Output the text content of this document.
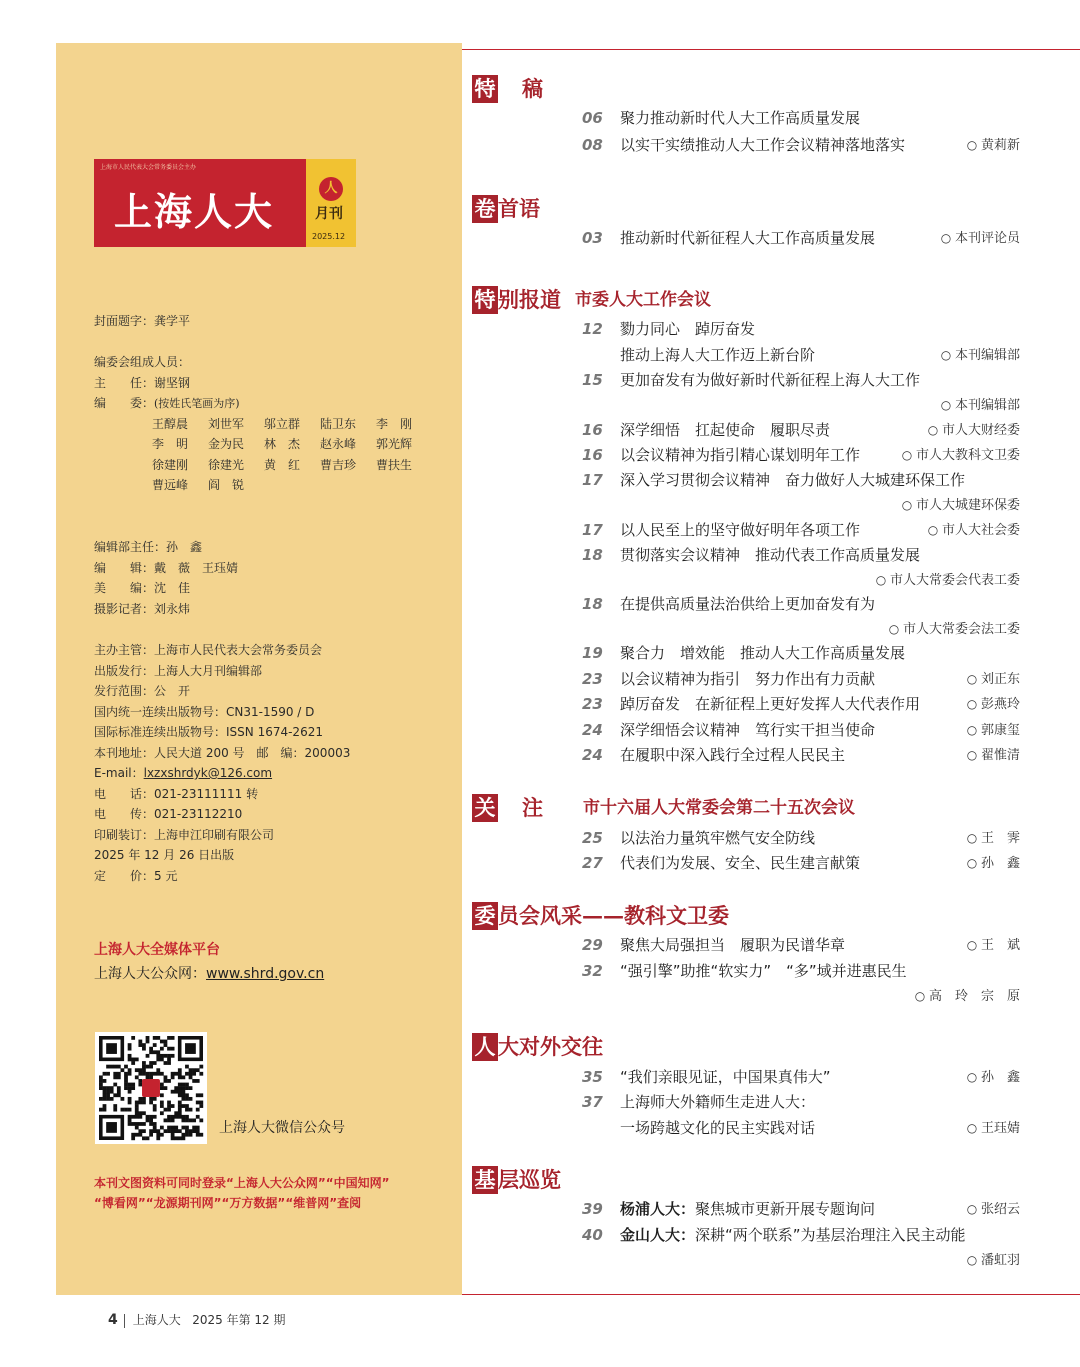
上海市人民代表大会常务委员会主办
上海人大
人
月刊
2025.12
封面题字：龚学平
编委会组成人员：
主　　任：谢坚钢
编　　委：(按姓氏笔画为序)
王醇晨 刘世军 邬立群 陆卫东 李　刚
李　明 金为民 林　杰 赵永峰 郭光辉
徐建刚 徐建光 黄　红 曹吉珍 曹扶生
曹远峰 阎　锐
编辑部主任：孙　鑫
编　　辑：戴　薇　王珏婧
美　　编：沈　佳
摄影记者：刘永炜
主办主管：上海市人民代表大会常务委员会
出版发行：上海人大月刊编辑部
发行范围：公　开
国内统一连续出版物号：CN31-1590 / D
国际标准连续出版物号：ISSN 1674-2621
本刊地址：人民大道 200 号　邮　编：200003
E-mail：lxzxshrdyk@126.com
电　　话：021-23111111 转
电　　传：021-23112210
印刷装订：上海申江印刷有限公司
2025 年 12 月 26 日出版
定　　价：5 元
上海人大全媒体平台
上海人大公众网：www.shrd.gov.cn
上海人大微信公众号
本刊文图资料可同时登录“上海人大公众网”“中国知网”
“博看网”“龙源期刊网”“万方数据”“维普网”查阅
特 稿
06 聚力推动新时代人大工作高质量发展
08 以实干实绩推动人大工作会议精神落地落实	○ 黄莉新
卷 首语
03 推动新时代新征程人大工作高质量发展	○ 本刊评论员
特 别报道 市委人大工作会议
12 勠力同心　踔厉奋发
推动上海人大工作迈上新台阶	○ 本刊编辑部
15 更加奋发有为做好新时代新征程上海人大工作
○ 本刊编辑部
16 深学细悟　扛起使命　履职尽责	○ 市人大财经委
16 以会议精神为指引精心谋划明年工作	○ 市人大教科文卫委
17 深入学习贯彻会议精神　奋力做好人大城建环保工作
○ 市人大城建环保委
17 以人民至上的坚守做好明年各项工作	○ 市人大社会委
18 贯彻落实会议精神　推动代表工作高质量发展
○ 市人大常委会代表工委
18 在提供高质量法治供给上更加奋发有为
○ 市人大常委会法工委
19 聚合力　增效能　推动人大工作高质量发展
23 以会议精神为指引　努力作出有力贡献	○ 刘正东
23 踔厉奋发　在新征程上更好发挥人大代表作用	○ 彭燕玲
24 深学细悟会议精神　笃行实干担当使命	○ 郭康玺
24 在履职中深入践行全过程人民民主	○ 翟惟清
关 注 市十六届人大常委会第二十五次会议
25 以法治力量筑牢燃气安全防线	○ 王　霁
27 代表们为发展、安全、民生建言献策	○ 孙　鑫
委 员会风采——教科文卫委
29 聚焦大局强担当　履职为民谱华章	○ 王　斌
32 “强引擎”助推“软实力”　“多”域并进惠民生
○ 高　玲　宗　原
人 大对外交往
35 “我们亲眼见证，中国果真伟大”	○ 孙　鑫
37 上海师大外籍师生走进人大：
一场跨越文化的民主实践对话	○ 王珏婧
基 层巡览
39 杨浦人大：聚焦城市更新开展专题询问	○ 张绍云
40 金山人大：深耕“两个联系”为基层治理注入民主动能
○ 潘虹羽
4 上海人大 2025 年第 12 期
